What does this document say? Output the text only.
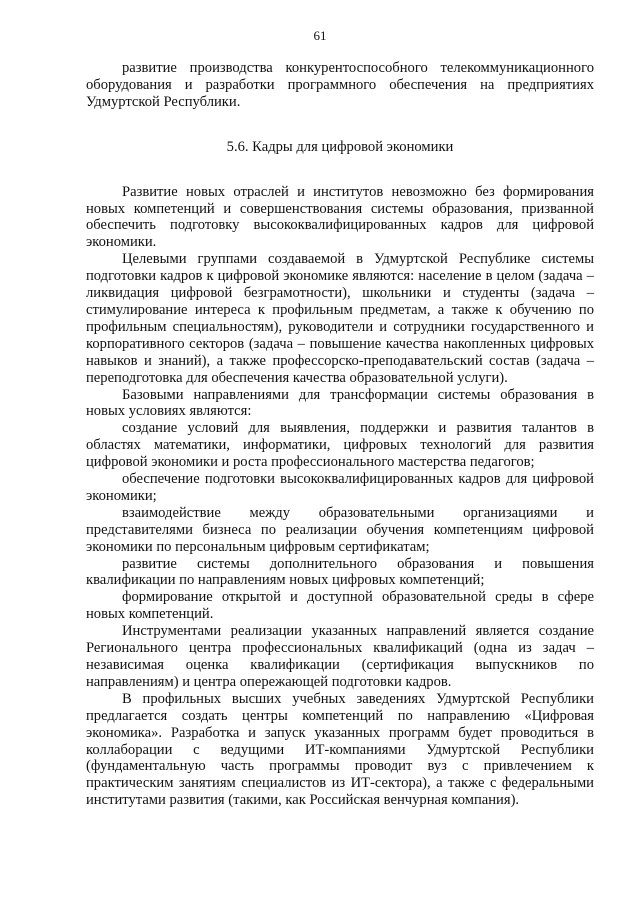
61

развитие производства конкурентоспособного телекоммуникационного оборудования и разработки программного обеспечения на предприятиях Удмуртской Республики.

5.6. Кадры для цифровой экономики

Развитие новых отраслей и институтов невозможно без формирования новых компетенций и совершенствования системы образования, призванной обеспечить подготовку высококвалифицированных кадров для цифровой экономики.

Целевыми группами создаваемой в Удмуртской Республике системы подготовки кадров к цифровой экономике являются: население в целом (задача – ликвидация цифровой безграмотности), школьники и студенты (задача – стимулирование интереса к профильным предметам, а также к обучению по профильным специальностям), руководители и сотрудники государственного и корпоративного секторов (задача – повышение качества накопленных цифровых навыков и знаний), а также профессорско-преподавательский состав (задача – переподготовка для обеспечения качества образовательной услуги).

Базовыми направлениями для трансформации системы образования в новых условиях являются:

создание условий для выявления, поддержки и развития талантов в областях математики, информатики, цифровых технологий для развития цифровой экономики и роста профессионального мастерства педагогов;

обеспечение подготовки высококвалифицированных кадров для цифровой экономики;

взаимодействие между образовательными организациями и представителями бизнеса по реализации обучения компетенциям цифровой экономики по персональным цифровым сертификатам;

развитие системы дополнительного образования и повышения квалификации по направлениям новых цифровых компетенций;

формирование открытой и доступной образовательной среды в сфере новых компетенций.

Инструментами реализации указанных направлений является создание Регионального центра профессиональных квалификаций (одна из задач – независимая оценка квалификации (сертификация выпускников по направлениям) и центра опережающей подготовки кадров.

В профильных высших учебных заведениях Удмуртской Республики предлагается создать центры компетенций по направлению «Цифровая экономика». Разработка и запуск указанных программ будет проводиться в коллаборации с ведущими ИТ-компаниями Удмуртской Республики (фундаментальную часть программы проводит вуз с привлечением к практическим занятиям специалистов из ИТ-сектора), а также с федеральными институтами развития (такими, как Российская венчурная компания).
